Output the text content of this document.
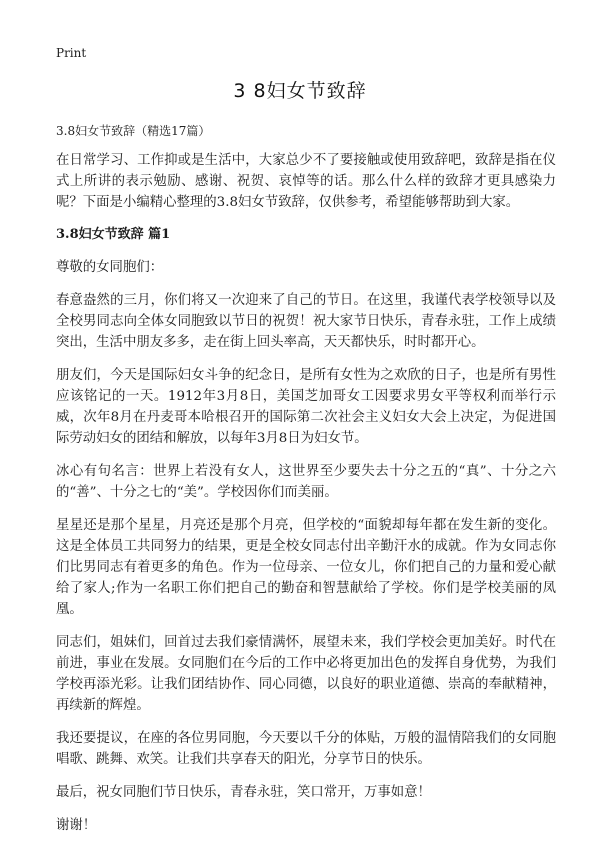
Print
3 8妇女节致辞
3.8妇女节致辞（精选17篇）

在日常学习、工作抑或是生活中，大家总少不了要接触或使用致辞吧，致辞是指在仪式上所讲的表示勉励、感谢、祝贺、哀悼等的话。那么什么样的致辞才更具感染力呢？下面是小编精心整理的3.8妇女节致辞，仅供参考，希望能够帮助到大家。

3.8妇女节致辞 篇1

尊敬的女同胞们：

春意盎然的三月，你们将又一次迎来了自己的节日。在这里，我谨代表学校领导以及全校男同志向全体女同胞致以节日的祝贺！祝大家节日快乐，青春永驻，工作上成绩突出，生活中朋友多多，走在街上回头率高，天天都快乐，时时都开心。

朋友们，今天是国际妇女斗争的纪念日，是所有女性为之欢欣的日子，也是所有男性应该铭记的一天。1912年3月8日，美国芝加哥女工因要求男女平等权利而举行示威，次年8月在丹麦哥本哈根召开的国际第二次社会主义妇女大会上决定，为促进国际劳动妇女的团结和解放，以每年3月8日为妇女节。

冰心有句名言：世界上若没有女人，这世界至少要失去十分之五的“真”、十分之六的“善”、十分之七的“美”。学校因你们而美丽。

星星还是那个星星，月亮还是那个月亮，但学校的“面貌却每年都在发生新的变化。这是全体员工共同努力的结果，更是全校女同志付出辛勤汗水的成就。作为女同志你们比男同志有着更多的角色。作为一位母亲、一位女儿，你们把自己的力量和爱心献给了家人;作为一名职工你们把自己的勤奋和智慧献给了学校。你们是学校美丽的凤凰。

同志们，姐妹们，回首过去我们豪情满怀，展望未来，我们学校会更加美好。时代在前进，事业在发展。女同胞们在今后的工作中必将更加出色的发挥自身优势，为我们学校再添光彩。让我们团结协作、同心同德，以良好的职业道德、崇高的奉献精神，再续新的辉煌。

我还要提议，在座的各位男同胞，今天要以千分的体贴，万般的温情陪我们的女同胞唱歌、跳舞、欢笑。让我们共享春天的阳光，分享节日的快乐。

最后，祝女同胞们节日快乐，青春永驻，笑口常开，万事如意！

谢谢！
